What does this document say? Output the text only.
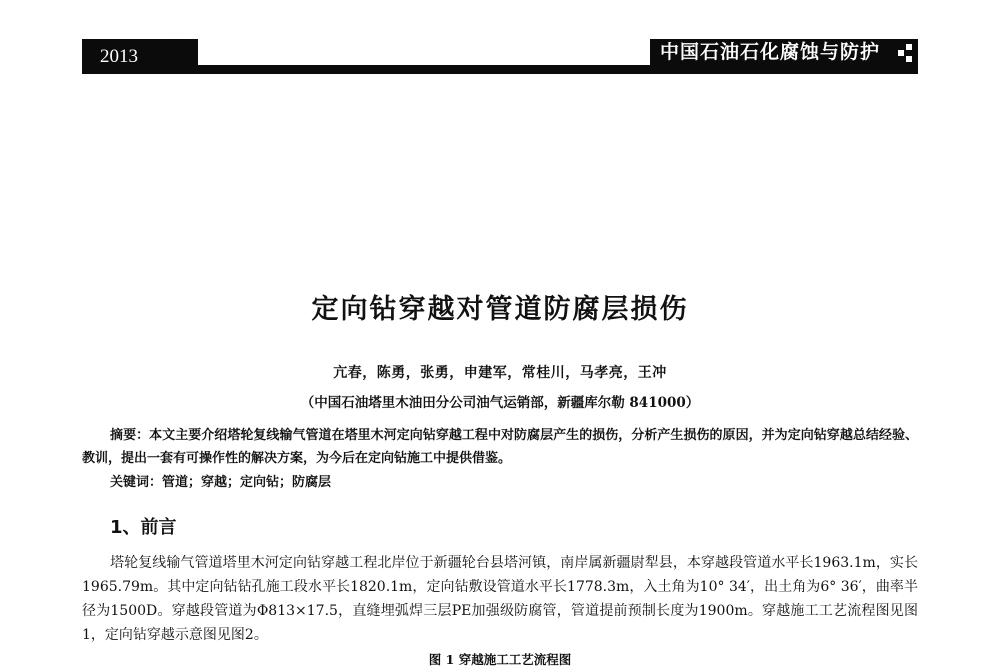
2013	中国石油石化腐蚀与防护
定向钻穿越对管道防腐层损伤
亢春，陈勇，张勇，申建军，常桂川，马孝亮，王冲
（中国石油塔里木油田分公司油气运销部，新疆库尔勒 841000）
摘要：本文主要介绍塔轮复线输气管道在塔里木河定向钻穿越工程中对防腐层产生的损伤，分析产生损伤的原因，并为定向钻穿越总结经验、教训，提出一套有可操作性的解决方案，为今后在定向钻施工中提供借鉴。
关键词：管道；穿越；定向钻；防腐层
1、前言
塔轮复线输气管道塔里木河定向钻穿越工程北岸位于新疆轮台县塔河镇，南岸属新疆尉犁县，本穿越段管道水平长1963.1m，实长1965.79m。其中定向钻钻孔施工段水平长1820.1m，定向钻敷设管道水平长1778.3m，入土角为10° 34′，出土角为6° 36′，曲率半径为1500D。穿越段管道为Φ813×17.5，直缝埋弧焊三层PE加强级防腐管，管道提前预制长度为1900m。穿越施工工艺流程图见图1，定向钻穿越示意图见图2。
图 1 穿越施工工艺流程图
